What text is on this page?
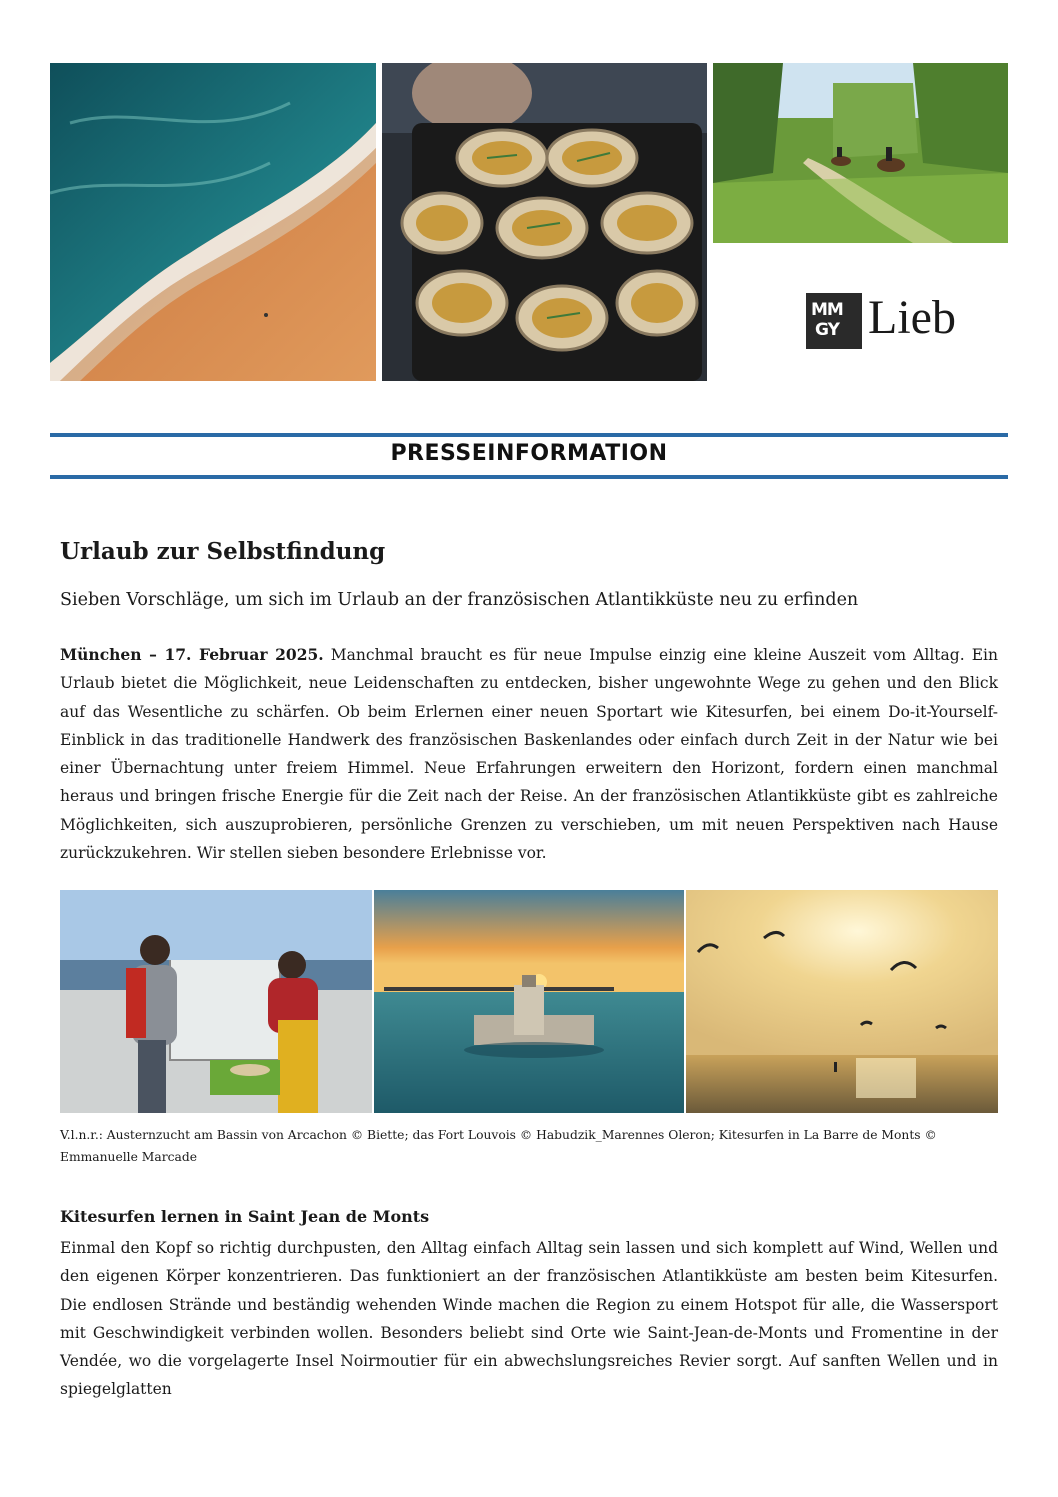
MM
GY Lieb
PRESSEINFORMATION
Urlaub zur Selbstfindung
Sieben Vorschläge, um sich im Urlaub an der französischen Atlantikküste neu zu erfinden

München – 17. Februar 2025. Manchmal braucht es für neue Impulse einzig eine kleine Auszeit vom Alltag. Ein Urlaub bietet die Möglichkeit, neue Leidenschaften zu entdecken, bisher ungewohnte Wege zu gehen und den Blick auf das Wesentliche zu schärfen. Ob beim Erlernen einer neuen Sportart wie Kitesurfen, bei einem Do-it-Yourself-Einblick in das traditionelle Handwerk des französischen Baskenlandes oder einfach durch Zeit in der Natur wie bei einer Übernachtung unter freiem Himmel. Neue Erfahrungen erweitern den Horizont, fordern einen manchmal heraus und bringen frische Energie für die Zeit nach der Reise. An der französischen Atlantikküste gibt es zahlreiche Möglichkeiten, sich auszuprobieren, persönliche Grenzen zu verschieben, um mit neuen Perspektiven nach Hause zurückzukehren. Wir stellen sieben besondere Erlebnisse vor.

V.l.n.r.: Austernzucht am Bassin von Arcachon © Biette; das Fort Louvois © Habudzik_Marennes Oleron; Kitesurfen in La Barre de Monts © Emmanuelle Marcade
Kitesurfen lernen in Saint Jean de Monts

Einmal den Kopf so richtig durchpusten, den Alltag einfach Alltag sein lassen und sich komplett auf Wind, Wellen und den eigenen Körper konzentrieren. Das funktioniert an der französischen Atlantikküste am besten beim Kitesurfen. Die endlosen Strände und beständig wehenden Winde machen die Region zu einem Hotspot für alle, die Wassersport mit Geschwindigkeit verbinden wollen. Besonders beliebt sind Orte wie Saint-Jean-de-Monts und Fromentine in der Vendée, wo die vorgelagerte Insel Noirmoutier für ein abwechslungsreiches Revier sorgt. Auf sanften Wellen und in spiegelglatten
